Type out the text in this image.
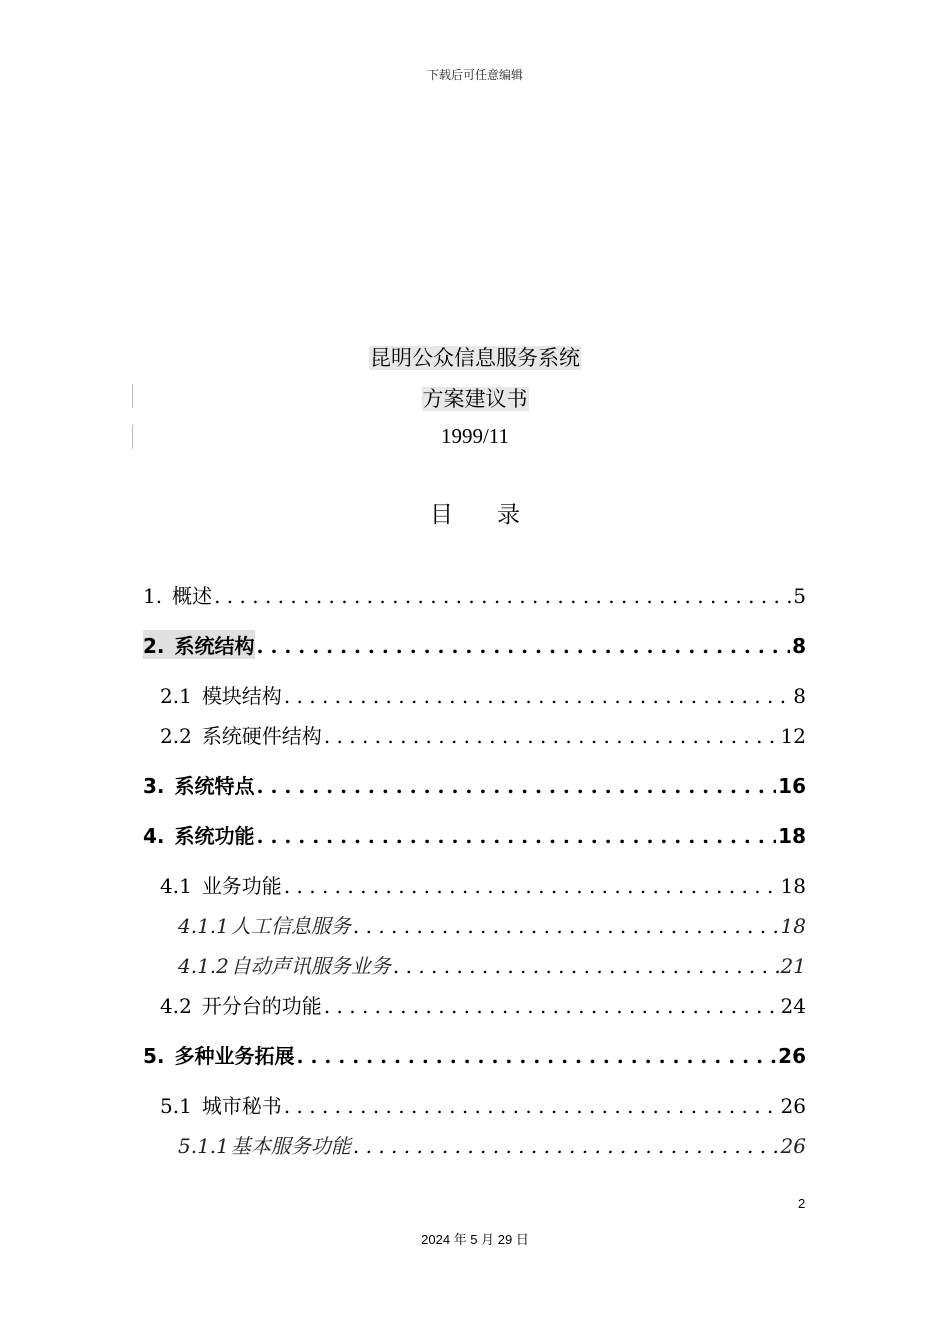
下载后可任意编辑
昆明公众信息服务系统
方案建议书
1999/11
目 录
1. 概述 . . .	5
2. 系统结构 . . .	8
2.1 模块结构 . . .	8
2.2 系统硬件结构 . . .	12
3. 系统特点 . . .	16
4. 系统功能 . . .	18
4.1 业务功能 . . .	18
4.1.1 人工信息服务 . . .	18
4.1.2 自动声讯服务业务 . . .	21
4.2 开分台的功能 . . .	24
5. 多种业务拓展 . . .	26
5.1 城市秘书 . . .	26
5.1.1 基本服务功能 . . .	26
2
2024 年 5 月 29 日
